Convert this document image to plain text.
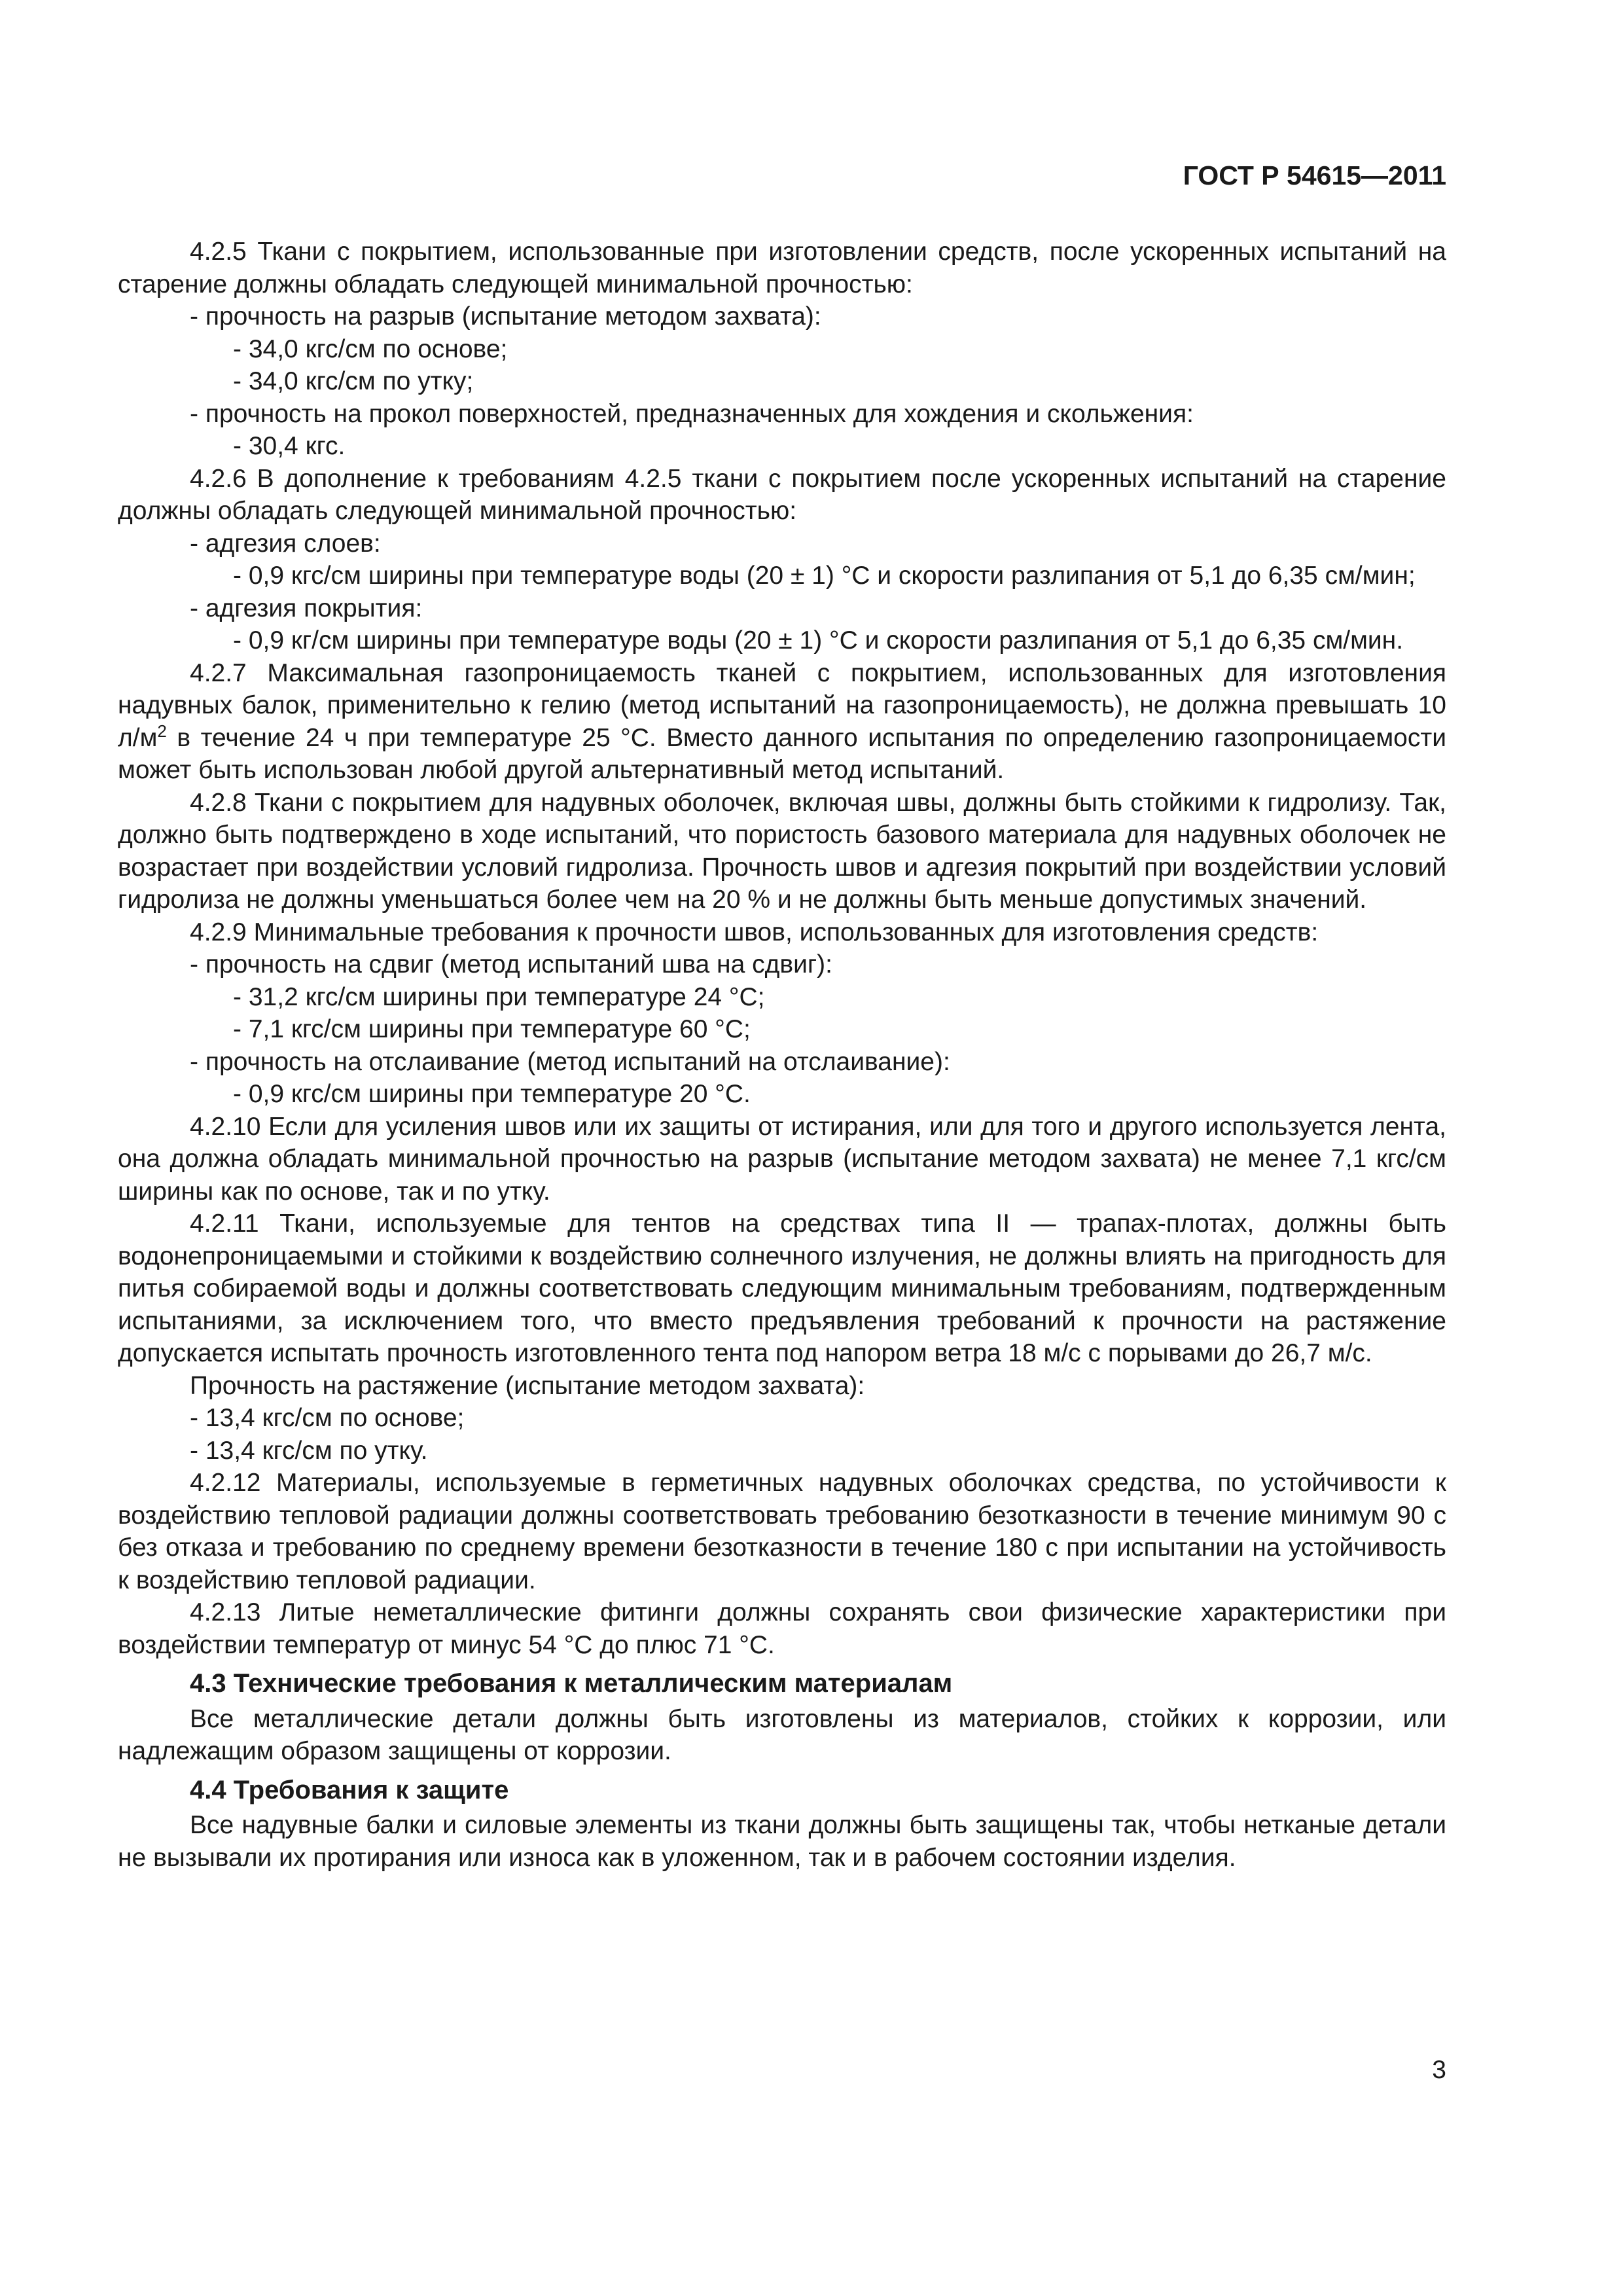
ГОСТ Р 54615—2011

4.2.5 Ткани с покрытием, использованные при изготовлении средств, после ускоренных испытаний на старение должны обладать следующей минимальной прочностью:

- прочность на разрыв (испытание методом захвата):

- 34,0 кгс/см по основе;

- 34,0 кгс/см по утку;

- прочность на прокол поверхностей, предназначенных для хождения и скольжения:

- 30,4 кгс.

4.2.6 В дополнение к требованиям 4.2.5 ткани с покрытием после ускоренных испытаний на старение должны обладать следующей минимальной прочностью:

- адгезия слоев:

- 0,9 кгс/см ширины при температуре воды (20 ± 1) °С и скорости разлипания от 5,1 до 6,35 см/мин;

- адгезия покрытия:

- 0,9 кг/см ширины при температуре воды (20 ± 1) °С и скорости разлипания от 5,1 до 6,35 см/мин.

4.2.7 Максимальная газопроницаемость тканей с покрытием, использованных для изготовления надувных балок, применительно к гелию (метод испытаний на газопроницаемость), не должна превышать 10 $л/м^2$ в течение 24 ч при температуре 25 °С. Вместо данного испытания по определению газопроницаемости может быть использован любой другой альтернативный метод испытаний.

4.2.8 Ткани с покрытием для надувных оболочек, включая швы, должны быть стойкими к гидролизу. Так, должно быть подтверждено в ходе испытаний, что пористость базового материала для надувных оболочек не возрастает при воздействии условий гидролиза. Прочность швов и адгезия покрытий при воздействии условий гидролиза не должны уменьшаться более чем на 20 % и не должны быть меньше допустимых значений.

4.2.9 Минимальные требования к прочности швов, использованных для изготовления средств:

- прочность на сдвиг (метод испытаний шва на сдвиг):

- 31,2 кгс/см ширины при температуре 24 °С;

- 7,1 кгс/см ширины при температуре 60 °С;

- прочность на отслаивание (метод испытаний на отслаивание):

- 0,9 кгс/см ширины при температуре 20 °С.

4.2.10 Если для усиления швов или их защиты от истирания, или для того и другого используется лента, она должна обладать минимальной прочностью на разрыв (испытание методом захвата) не менее 7,1 кгс/см ширины как по основе, так и по утку.

4.2.11 Ткани, используемые для тентов на средствах типа II — трапах-плотах, должны быть водонепроницаемыми и стойкими к воздействию солнечного излучения, не должны влиять на пригодность для питья собираемой воды и должны соответствовать следующим минимальным требованиям, подтвержденным испытаниями, за исключением того, что вместо предъявления требований к прочности на растяжение допускается испытать прочность изготовленного тента под напором ветра 18 м/с с порывами до 26,7 м/с.

Прочность на растяжение (испытание методом захвата):

- 13,4 кгс/см по основе;

- 13,4 кгс/см по утку.

4.2.12 Материалы, используемые в герметичных надувных оболочках средства, по устойчивости к воздействию тепловой радиации должны соответствовать требованию безотказности в течение минимум 90 с без отказа и требованию по среднему времени безотказности в течение 180 с при испытании на устойчивость к воздействию тепловой радиации.

4.2.13 Литые неметаллические фитинги должны сохранять свои физические характеристики при воздействии температур от минус 54 °С до плюс 71 °С.

4.3 Технические требования к металлическим материалам

Все металлические детали должны быть изготовлены из материалов, стойких к коррозии, или надлежащим образом защищены от коррозии.

4.4 Требования к защите

Все надувные балки и силовые элементы из ткани должны быть защищены так, чтобы нетканые детали не вызывали их протирания или износа как в уложенном, так и в рабочем состоянии изделия.

3
